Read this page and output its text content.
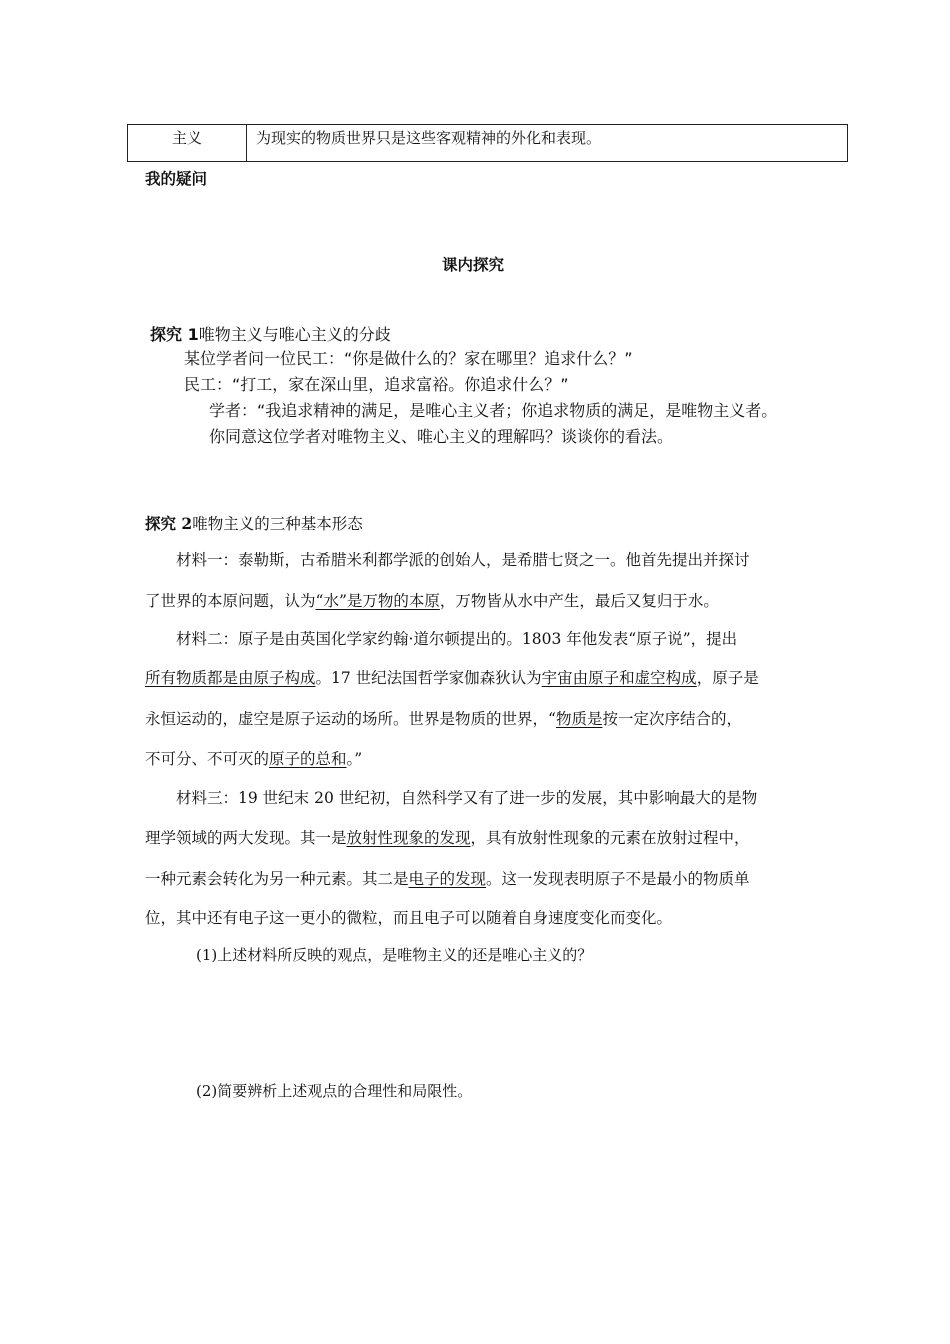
主义	为现实的物质世界只是这些客观精神的外化和表现。
我的疑问
课内探究
探究 1唯物主义与唯心主义的分歧
某位学者问一位民工：“你是做什么的？家在哪里？追求什么？”
民工：“打工，家在深山里，追求富裕。你追求什么？”
学者：“我追求精神的满足，是唯心主义者；你追求物质的满足，是唯物主义者。
你同意这位学者对唯物主义、唯心主义的理解吗？谈谈你的看法。
探究 2唯物主义的三种基本形态
材料一：泰勒斯，古希腊米利都学派的创始人，是希腊七贤之一。他首先提出并探讨
了世界的本原问题，认为“水”是万物的本原，万物皆从水中产生，最后又复归于水。
材料二：原子是由英国化学家约翰·道尔顿提出的。1803 年他发表“原子说”，提出
所有物质都是由原子构成。17 世纪法国哲学家伽森狄认为宇宙由原子和虚空构成，原子是
永恒运动的，虚空是原子运动的场所。世界是物质的世界，“物质是按一定次序结合的，
不可分、不可灭的原子的总和。”
材料三：19 世纪末 20 世纪初，自然科学又有了进一步的发展，其中影响最大的是物
理学领域的两大发现。其一是放射性现象的发现，具有放射性现象的元素在放射过程中，
一种元素会转化为另一种元素。其二是电子的发现。这一发现表明原子不是最小的物质单
位，其中还有电子这一更小的微粒，而且电子可以随着自身速度变化而变化。
(1)上述材料所反映的观点，是唯物主义的还是唯心主义的？
(2)简要辨析上述观点的合理性和局限性。
